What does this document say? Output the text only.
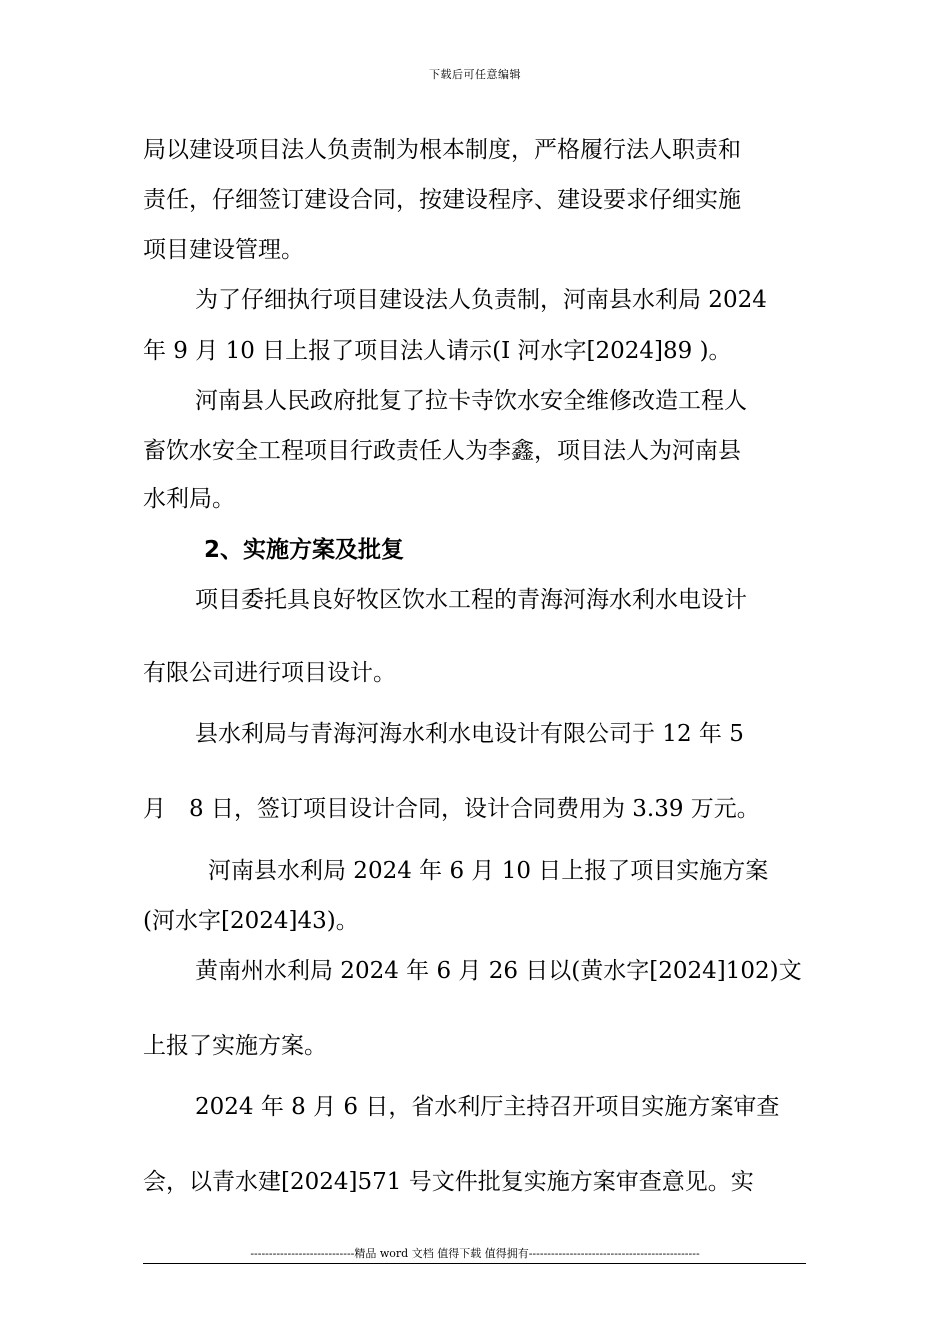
下载后可任意编辑
局以建设项目法人负责制为根本制度，严格履行法人职责和
责任，仔细签订建设合同，按建设程序、建设要求仔细实施
项目建设管理。
为了仔细执行项目建设法人负责制，河南县水利局 2024
年 9 月 10 日上报了项目法人请示(I 河水字[2024]89 )。
河南县人民政府批复了拉卡寺饮水安全维修改造工程人
畜饮水安全工程项目行政责任人为李鑫，项目法人为河南县
水利局。
2、实施方案及批复
项目委托具良好牧区饮水工程的青海河海水利水电设计
有限公司进行项目设计。
县水利局与青海河海水利水电设计有限公司于 12 年 5
月　8 日，签订项目设计合同，设计合同费用为 3.39 万元。
河南县水利局 2024 年 6 月 10 日上报了项目实施方案
(河水字[2024]43)。
黄南州水利局 2024 年 6 月 26 日以(黄水字[2024]102)文
上报了实施方案。
2024 年 8 月 6 日，省水利厅主持召开项目实施方案审查
会，以青水建[2024]571 号文件批复实施方案审查意见。实
----------------------------精品 word 文档 值得下载 值得拥有----------------------------------------------
